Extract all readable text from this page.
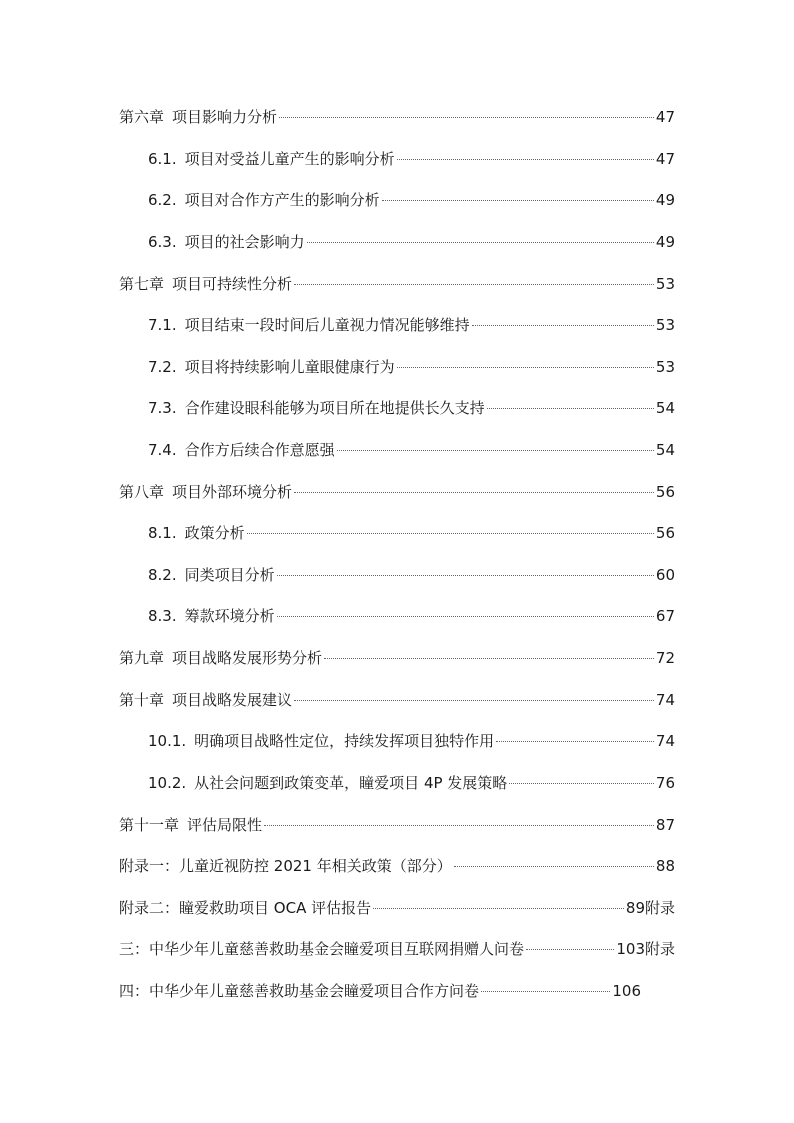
第六章 项目影响力分析	47
6.1. 项目对受益儿童产生的影响分析	47
6.2. 项目对合作方产生的影响分析	49
6.3. 项目的社会影响力	49
第七章 项目可持续性分析	53
7.1. 项目结束一段时间后儿童视力情况能够维持	53
7.2. 项目将持续影响儿童眼健康行为	53
7.3. 合作建设眼科能够为项目所在地提供长久支持	54
7.4. 合作方后续合作意愿强	54
第八章 项目外部环境分析	56
8.1. 政策分析	56
8.2. 同类项目分析	60
8.3. 筹款环境分析	67
第九章 项目战略发展形势分析	72
第十章 项目战略发展建议	74
10.1. 明确项目战略性定位，持续发挥项目独特作用	74
10.2. 从社会问题到政策变革，瞳爱项目 4P 发展策略	76
第十一章 评估局限性	87
附录一： 儿童近视防控 2021 年相关政策（部分）	88
附录二： 瞳爱救助项目 OCA 评估报告	89附录
三： 中华少年儿童慈善救助基金会瞳爱项目互联网捐赠人问卷	103附录
四： 中华少年儿童慈善救助基金会瞳爱项目合作方问卷	106
